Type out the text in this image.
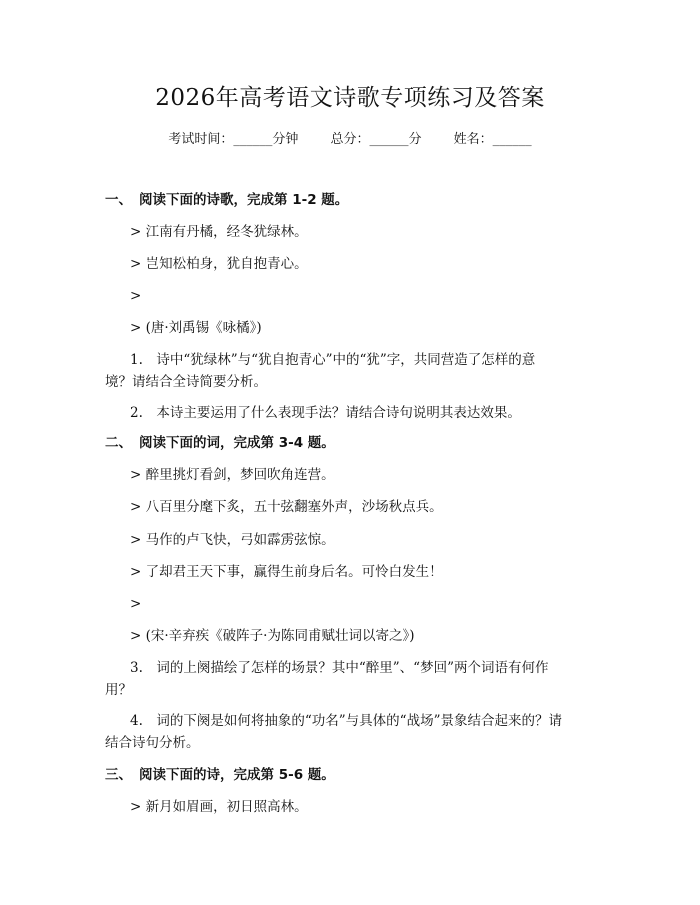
2026年高考语文诗歌专项练习及答案
考试时间：______分钟 总分：______分 姓名：______
一、 阅读下面的诗歌，完成第 1-2 题。
> 江南有丹橘，经冬犹绿林。
> 岂知松柏身，犹自抱青心。
>
> (唐·刘禹锡《咏橘》)
1.　诗中“犹绿林”与“犹自抱青心”中的“犹”字，共同营造了怎样的意
境？请结合全诗简要分析。
2.　本诗主要运用了什么表现手法？请结合诗句说明其表达效果。
二、 阅读下面的词，完成第 3-4 题。
> 醉里挑灯看剑，梦回吹角连营。
> 八百里分麾下炙，五十弦翻塞外声，沙场秋点兵。
> 马作的卢飞快，弓如霹雳弦惊。
> 了却君王天下事，赢得生前身后名。可怜白发生！
>
> (宋·辛弃疾《破阵子·为陈同甫赋壮词以寄之》)
3.　词的上阕描绘了怎样的场景？其中“醉里”、“梦回”两个词语有何作
用？
4.　词的下阕是如何将抽象的“功名”与具体的“战场”景象结合起来的？请
结合诗句分析。
三、 阅读下面的诗，完成第 5-6 题。
> 新月如眉画，初日照高林。
